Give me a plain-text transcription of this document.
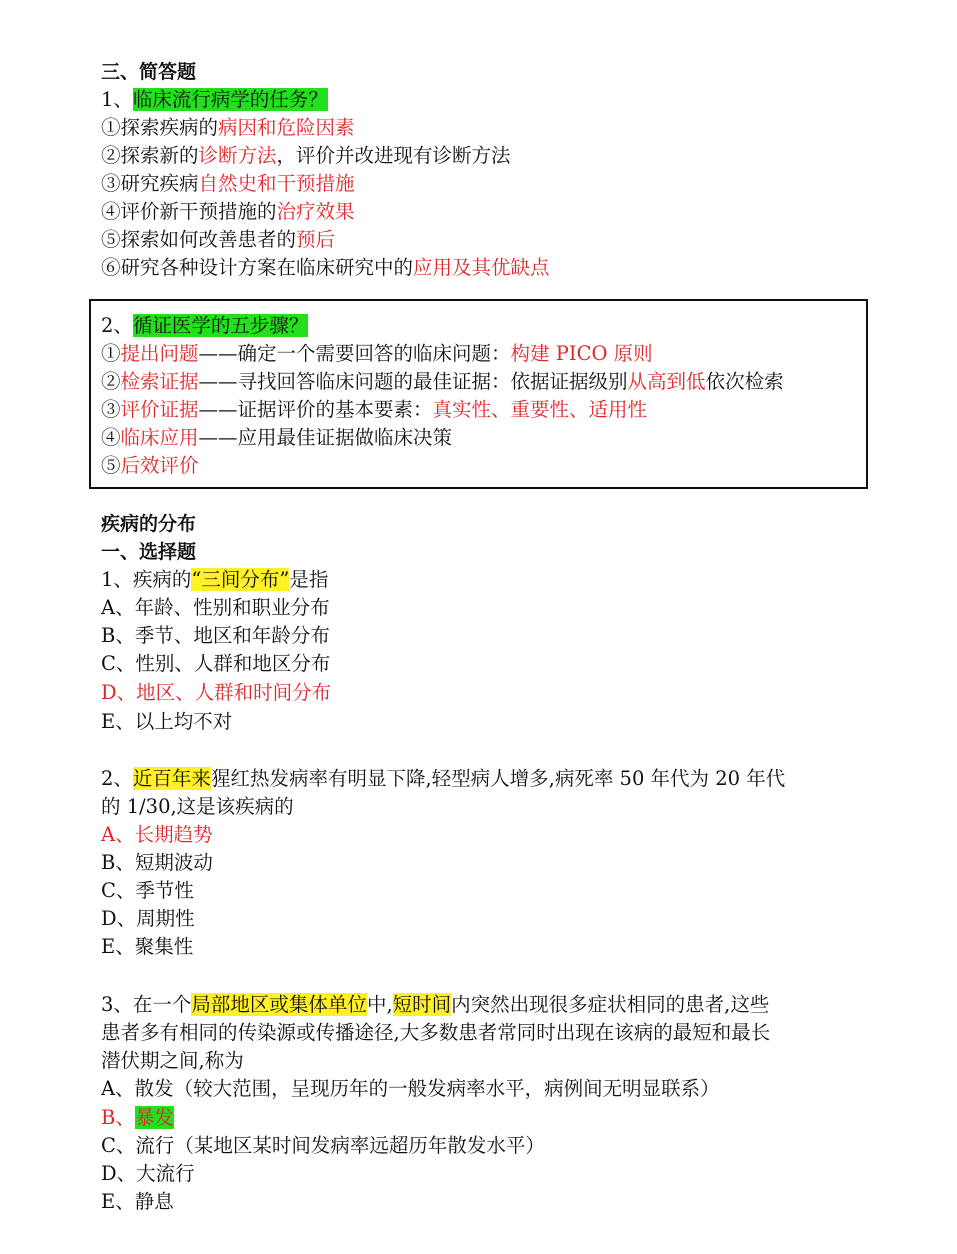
三、简答题
1、临床流行病学的任务？
①探索疾病的病因和危险因素
②探索新的诊断方法，评价并改进现有诊断方法
③研究疾病自然史和干预措施
④评价新干预措施的治疗效果
⑤探索如何改善患者的预后
⑥研究各种设计方案在临床研究中的应用及其优缺点
2、循证医学的五步骤？
①提出问题——确定一个需要回答的临床问题：构建 PICO 原则
②检索证据——寻找回答临床问题的最佳证据：依据证据级别从高到低依次检索
③评价证据——证据评价的基本要素：真实性、重要性、适用性
④临床应用——应用最佳证据做临床决策
⑤后效评价
疾病的分布
一、选择题
1、疾病的“三间分布”是指
A、年龄、性别和职业分布
B、季节、地区和年龄分布
C、性别、人群和地区分布
D、地区、人群和时间分布
E、以上均不对
2、近百年来猩红热发病率有明显下降,轻型病人增多,病死率 50 年代为 20 年代
的 1/30,这是该疾病的
A、长期趋势
B、短期波动
C、季节性
D、周期性
E、聚集性
3、在一个局部地区或集体单位中,短时间内突然出现很多症状相同的患者,这些
患者多有相同的传染源或传播途径,大多数患者常同时出现在该病的最短和最长
潜伏期之间,称为
A、散发（较大范围，呈现历年的一般发病率水平，病例间无明显联系）
B、暴发
C、流行（某地区某时间发病率远超历年散发水平）
D、大流行
E、静息
